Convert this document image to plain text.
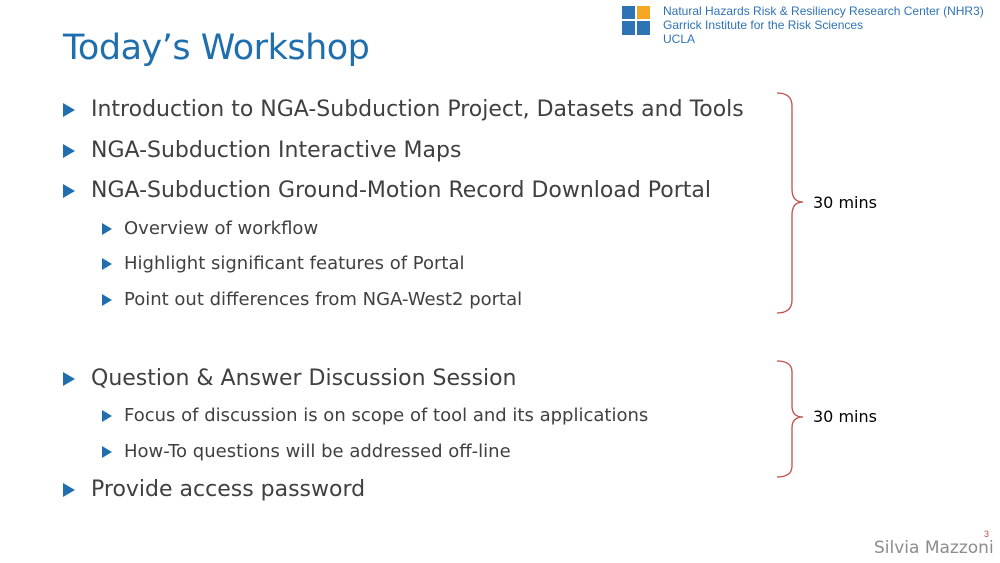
Today’s Workshop
Natural Hazards Risk & Resiliency Research Center (NHR3)
Garrick Institute for the Risk Sciences
UCLA
Introduction to NGA-Subduction Project, Datasets and Tools
NGA-Subduction Interactive Maps
NGA-Subduction Ground-Motion Record Download Portal
Overview of workflow
Highlight significant features of Portal
Point out differences from NGA-West2 portal
Question & Answer Discussion Session
Focus of discussion is on scope of tool and its applications
How-To questions will be addressed off-line
Provide access password
30 mins
30 mins
3
Silvia Mazzoni
